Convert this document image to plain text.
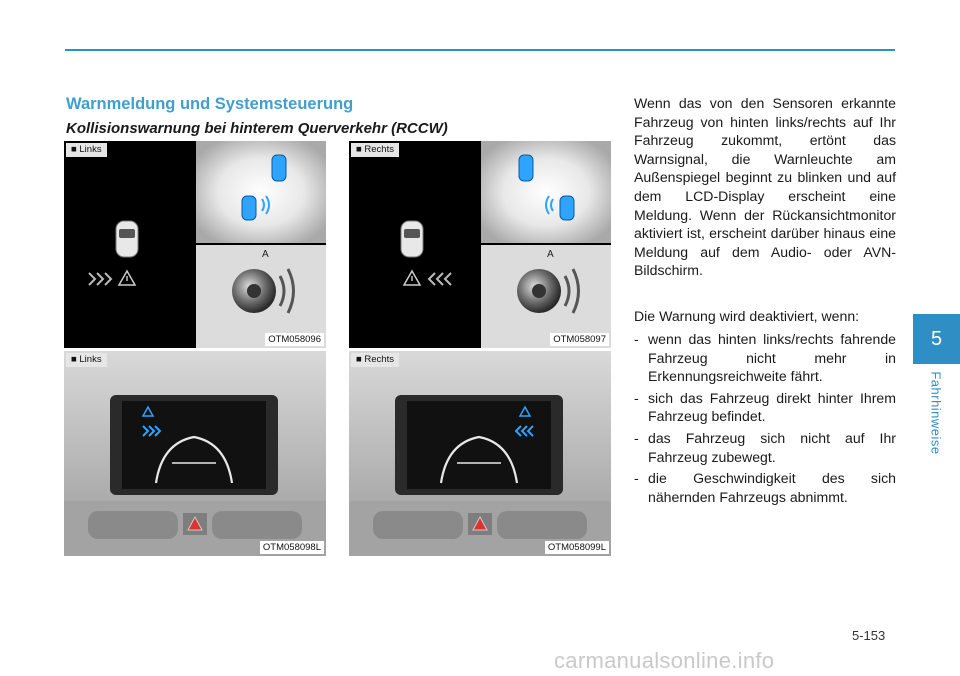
Warnmeldung und Systemsteuerung
Kollisionswarnung bei hinterem Querverkehr (RCCW)
A
■ Links
OTM058096
A
■ Rechts
OTM058097
■ Links
OTM058098L
■ Rechts
OTM058099L
Wenn das von den Sensoren erkannte Fahrzeug von hinten links/rechts auf Ihr Fahrzeug zukommt, ertönt das Warnsignal, die Warnleuchte am Außenspiegel beginnt zu blinken und auf dem LCD-Display erscheint eine Meldung. Wenn der Rückansichtmonitor aktiviert ist, erscheint darüber hinaus eine Meldung auf dem Audio- oder AVN-Bildschirm.
Die Warnung wird deaktiviert, wenn:
- wenn das hinten links/rechts fahrende Fahrzeug nicht mehr in Erkennungsreichweite fährt.
- sich das Fahrzeug direkt hinter Ihrem Fahrzeug befindet.
- das Fahrzeug sich nicht auf Ihr Fahrzeug zubewegt.
- die Geschwindigkeit des sich nähernden Fahrzeugs abnimmt.
5
Fahrhinweise
5-153
carmanualsonline.info
